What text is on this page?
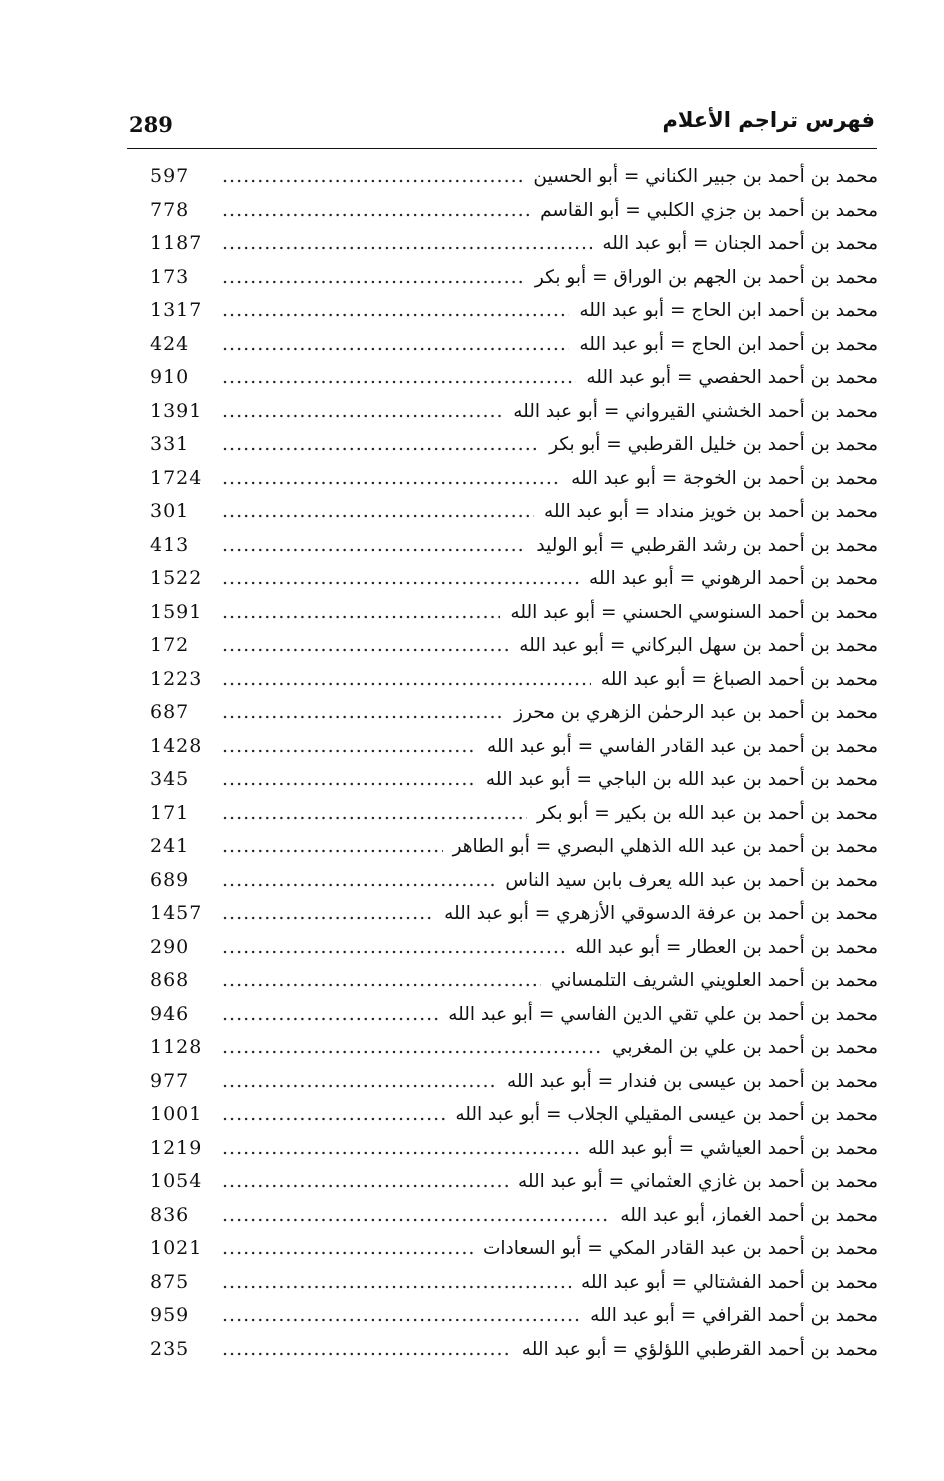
289	فهرس تراجم الأعلام
محمد بن أحمد بن جبير الكناني = أبو الحسين
.....
597
محمد بن أحمد بن جزي الكلبي = أبو القاسم
.....
778
محمد بن أحمد الجنان = أبو عبد الله
.....
1187
محمد بن أحمد بن الجهم بن الوراق = أبو بكر
.....
173
محمد بن أحمد ابن الحاج = أبو عبد الله
.....
1317
محمد بن أحمد ابن الحاج = أبو عبد الله
.....
424
محمد بن أحمد الحفصي = أبو عبد الله
.....
910
محمد بن أحمد الخشني القيرواني = أبو عبد الله
.....
1391
محمد بن أحمد بن خليل القرطبي = أبو بكر
.....
331
محمد بن أحمد بن الخوجة = أبو عبد الله
.....
1724
محمد بن أحمد بن خويز منداد = أبو عبد الله
.....
301
محمد بن أحمد بن رشد القرطبي = أبو الوليد
.....
413
محمد بن أحمد الرهوني = أبو عبد الله
.....
1522
محمد بن أحمد السنوسي الحسني = أبو عبد الله
.....
1591
محمد بن أحمد بن سهل البركاني = أبو عبد الله
.....
172
محمد بن أحمد الصباغ = أبو عبد الله
.....
1223
محمد بن أحمد بن عبد الرحمٰن الزهري بن محرز
.....
687
محمد بن أحمد بن عبد القادر الفاسي = أبو عبد الله
.....
1428
محمد بن أحمد بن عبد الله بن الباجي = أبو عبد الله
.....
345
محمد بن أحمد بن عبد الله بن بكير = أبو بكر
.....
171
محمد بن أحمد بن عبد الله الذهلي البصري = أبو الطاهر
.....
241
محمد بن أحمد بن عبد الله يعرف بابن سيد الناس
.....
689
محمد بن أحمد بن عرفة الدسوقي الأزهري = أبو عبد الله
.....
1457
محمد بن أحمد بن العطار = أبو عبد الله
.....
290
محمد بن أحمد العلويني الشريف التلمساني
.....
868
محمد بن أحمد بن علي تقي الدين الفاسي = أبو عبد الله
.....
946
محمد بن أحمد بن علي بن المغربي
.....
1128
محمد بن أحمد بن عيسى بن فندار = أبو عبد الله
.....
977
محمد بن أحمد بن عيسى المقيلي الجلاب = أبو عبد الله
.....
1001
محمد بن أحمد العياشي = أبو عبد الله
.....
1219
محمد بن أحمد بن غازي العثماني = أبو عبد الله
.....
1054
محمد بن أحمد الغماز، أبو عبد الله
.....
836
محمد بن أحمد بن عبد القادر المكي = أبو السعادات
.....
1021
محمد بن أحمد الفشتالي = أبو عبد الله
.....
875
محمد بن أحمد القرافي = أبو عبد الله
.....
959
محمد بن أحمد القرطبي اللؤلؤي = أبو عبد الله
.....
235
